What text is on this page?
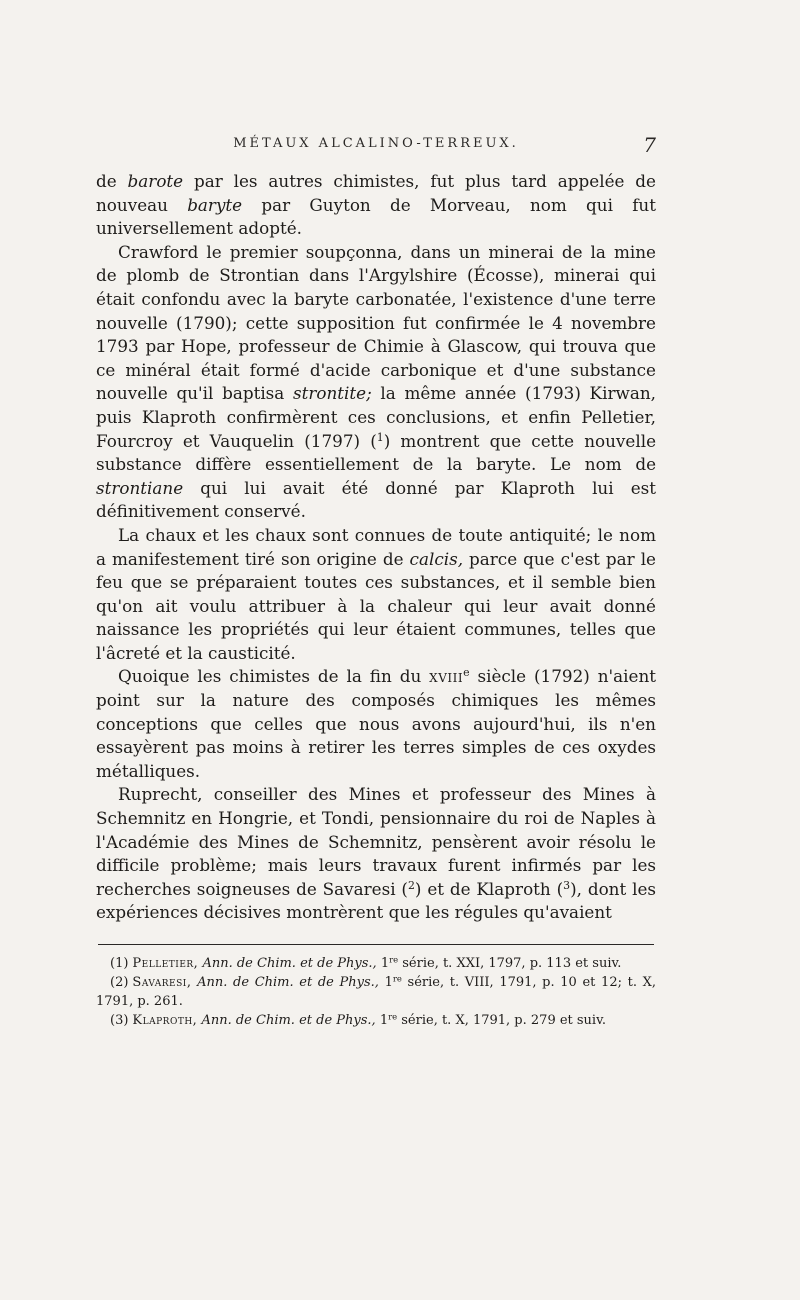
MÉTAUX ALCALINO-TERREUX.	7

de barote par les autres chimistes, fut plus tard appelée de nouveau baryte par Guyton de Morveau, nom qui fut universellement adopté.

Crawford le premier soupçonna, dans un minerai de la mine de plomb de Strontian dans l'Argylshire (Écosse), minerai qui était confondu avec la baryte carbonatée, l'existence d'une terre nouvelle (1790); cette supposition fut confirmée le 4 novembre 1793 par Hope, professeur de Chimie à Glascow, qui trouva que ce minéral était formé d'acide carbonique et d'une substance nouvelle qu'il baptisa strontite; la même année (1793) Kirwan, puis Klaproth confirmèrent ces conclusions, et enfin Pelletier, Fourcroy et Vauquelin (1797) ($^1$) montrent que cette nouvelle substance diffère essentiellement de la baryte. Le nom de strontiane qui lui avait été donné par Klaproth lui est définitivement conservé.

La chaux et les chaux sont connues de toute antiquité; le nom a manifestement tiré son origine de calcis, parce que c'est par le feu que se préparaient toutes ces substances, et il semble bien qu'on ait voulu attribuer à la chaleur qui leur avait donné naissance les propriétés qui leur étaient communes, telles que l'âcreté et la causticité.

Quoique les chimistes de la fin du xviii$^e$ siècle (1792) n'aient point sur la nature des composés chimiques les mêmes conceptions que celles que nous avons aujourd'hui, ils n'en essayèrent pas moins à retirer les terres simples de ces oxydes métalliques.

Ruprecht, conseiller des Mines et professeur des Mines à Schemnitz en Hongrie, et Tondi, pensionnaire du roi de Naples à l'Académie des Mines de Schemnitz, pensèrent avoir résolu le difficile problème; mais leurs travaux furent infirmés par les recherches soigneuses de Savaresi ($^2$) et de Klaproth ($^3$), dont les expériences décisives montrèrent que les régules qu'avaient

(1) Pelletier, Ann. de Chim. et de Phys., 1re série, t. XXI, 1797, p. 113 et suiv.

(2) Savaresi, Ann. de Chim. et de Phys., 1re série, t. VIII, 1791, p. 10 et 12; t. X, 1791, p. 261.

(3) Klaproth, Ann. de Chim. et de Phys., 1re série, t. X, 1791, p. 279 et suiv.
